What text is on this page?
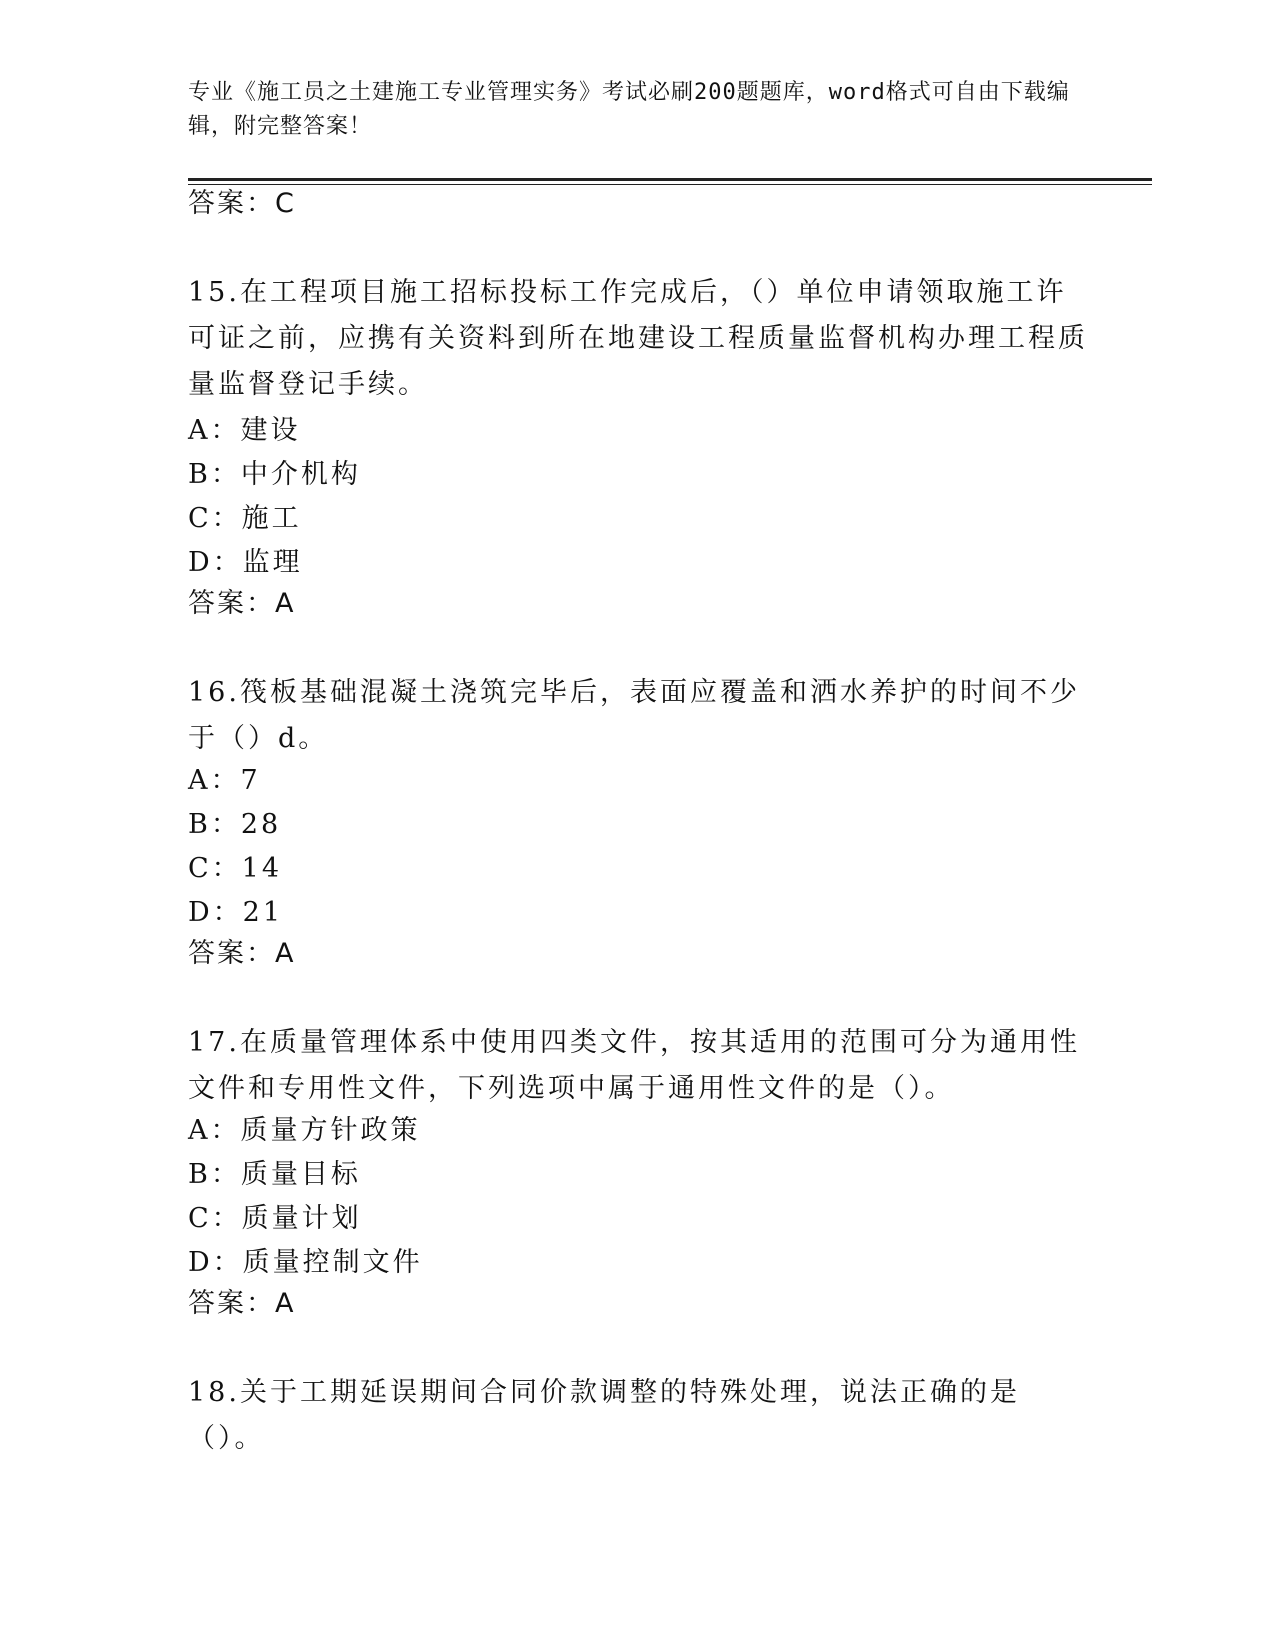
专业《施工员之土建施工专业管理实务》考试必刷200题题库，word格式可自由下载编辑，附完整答案！
答案：C
15.在工程项目施工招标投标工作完成后，（）单位申请领取施工许可证之前，应携有关资料到所在地建设工程质量监督机构办理工程质量监督登记手续。
A：建设
B：中介机构
C：施工
D：监理
答案：A
16.筏板基础混凝土浇筑完毕后，表面应覆盖和洒水养护的时间不少于（）d。
A：7
B：28
C：14
D：21
答案：A
17.在质量管理体系中使用四类文件，按其适用的范围可分为通用性文件和专用性文件，下列选项中属于通用性文件的是（）。
A：质量方针政策
B：质量目标
C：质量计划
D：质量控制文件
答案：A
18.关于工期延误期间合同价款调整的特殊处理，说法正确的是（）。
